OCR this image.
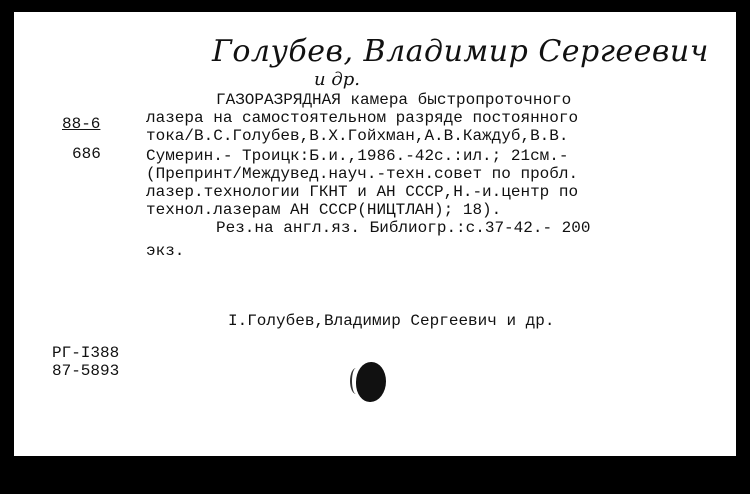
Голубев, Владимир Сергеевич
и др.
88-6
686
ГАЗОРАЗРЯДНАЯ камера быстропроточного
лазера на самостоятельном разряде постоянного
тока/В.С.Голубев,В.Х.Гойхман,А.В.Каждуб,В.В.
Сумерин.- Троицк:Б.и.,1986.-42с.:ил.; 21см.-
(Препринт/Междувед.науч.-техн.совет по пробл.
лазер.технологии ГКНТ и АН СССР,Н.-и.центр по
технол.лазерам АН СССР(НИЦТЛАН); 18).
Рез.на англ.яз. Библиогр.:с.37-42.- 200
экз.
I.Голубев,Владимир Сергеевич и др.
РГ-I388
87-5893
